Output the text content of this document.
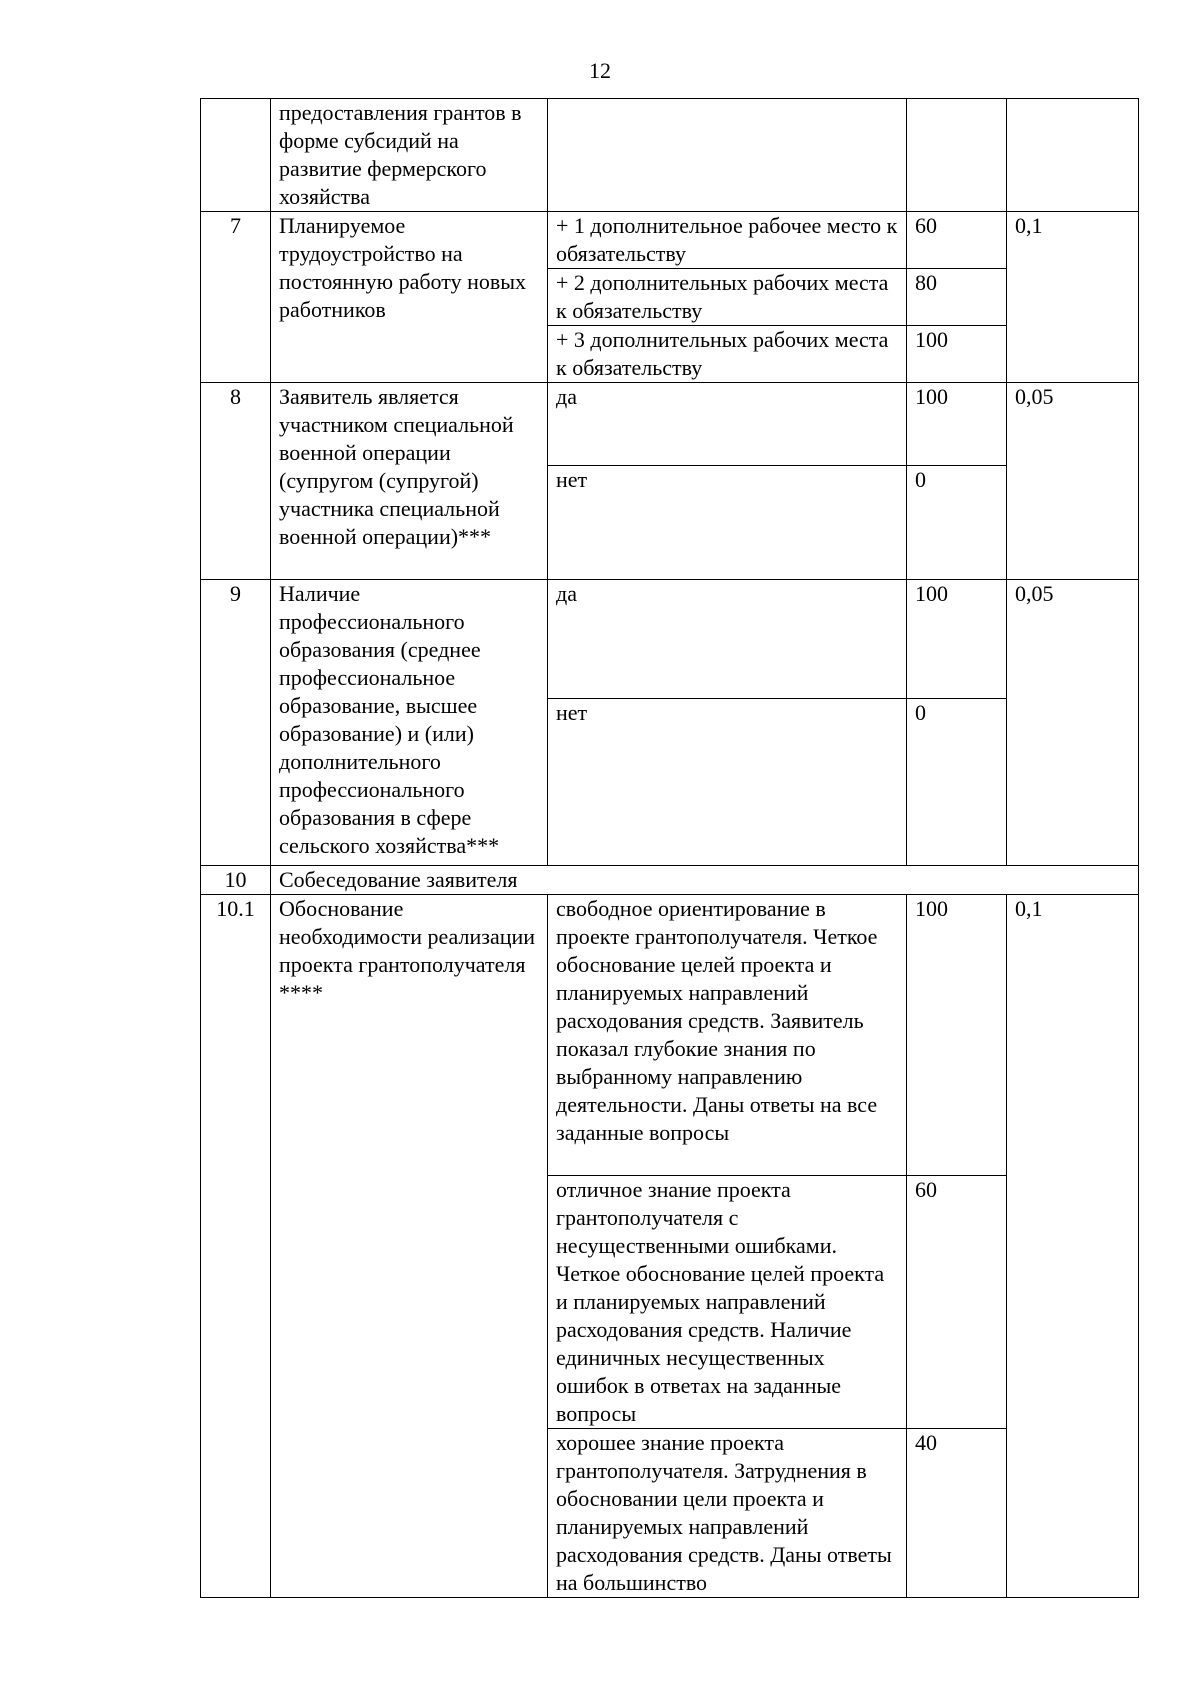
12
	предоставления грантов в форме субсидий на развитие фермерского хозяйства			
7	Планируемое трудоустройство на постоянную работу новых работников	+ 1 дополнительное рабочее место к обязательству	60	0,1
		+ 2 дополнительных рабочих места к обязательству	80	
		+ 3 дополнительных рабочих места к обязательству	100	
8	Заявитель является участником специальной военной операции (супругом (супругой) участника специальной военной операции)***	да	100	0,05
		нет	0	
9	Наличие профессионального образования (среднее профессиональное образование, высшее образование) и (или) дополнительного профессионального образования в сфере сельского хозяйства***	да	100	0,05
		нет	0	
10	Собеседование заявителя			
10.1	Обоснование необходимости реализации проекта грантополучателя ****	свободное ориентирование в проекте грантополучателя. Четкое обоснование целей проекта и планируемых направлений расходования средств. Заявитель показал глубокие знания по выбранному направлению деятельности. Даны ответы на все заданные вопросы	100	0,1
		отличное знание проекта грантополучателя с несущественными ошибками. Четкое обоснование целей проекта и планируемых направлений расходования средств. Наличие единичных несущественных ошибок в ответах на заданные вопросы	60	
		хорошее знание проекта грантополучателя. Затруднения в обосновании цели проекта и планируемых направлений расходования средств. Даны ответы на большинство	40	
